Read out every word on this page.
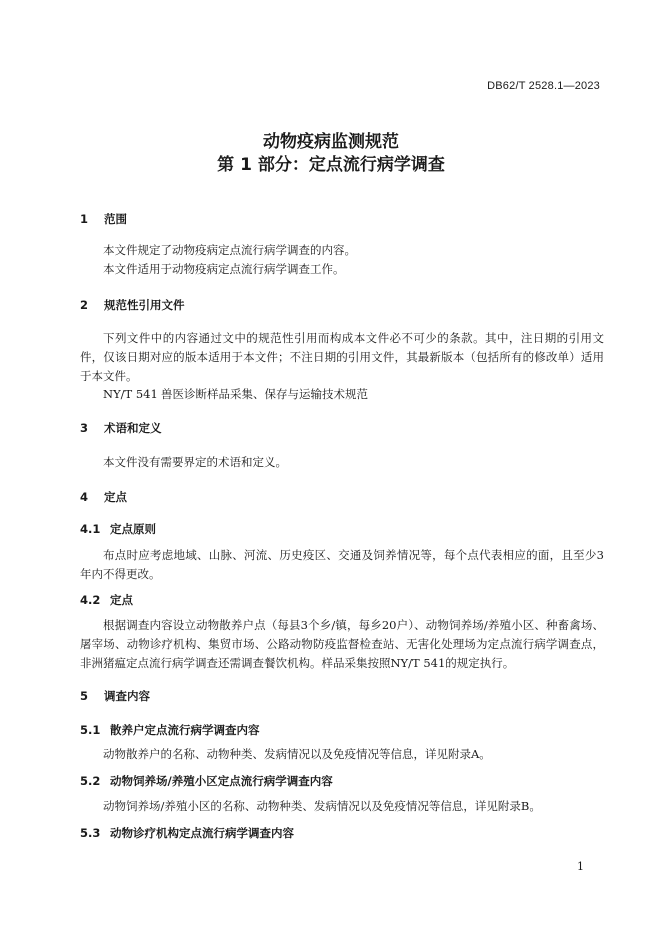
DB62/T 2528.1—2023
动物疫病监测规范
第 1 部分：定点流行病学调查
1 范围
本文件规定了动物疫病定点流行病学调查的内容。
本文件适用于动物疫病定点流行病学调查工作。
2 规范性引用文件
下列文件中的内容通过文中的规范性引用而构成本文件必不可少的条款。其中，注日期的引用文件，仅该日期对应的版本适用于本文件；不注日期的引用文件，其最新版本（包括所有的修改单）适用于本文件。
NY/T 541 兽医诊断样品采集、保存与运输技术规范
3 术语和定义
本文件没有需要界定的术语和定义。
4 定点
4.1 定点原则
布点时应考虑地域、山脉、河流、历史疫区、交通及饲养情况等，每个点代表相应的面，且至少3年内不得更改。
4.2 定点
根据调查内容设立动物散养户点（每县3个乡/镇，每乡20户）、动物饲养场/养殖小区、种畜禽场、屠宰场、动物诊疗机构、集贸市场、公路动物防疫监督检查站、无害化处理场为定点流行病学调查点，非洲猪瘟定点流行病学调查还需调查餐饮机构。样品采集按照NY/T 541的规定执行。
5 调查内容
5.1 散养户定点流行病学调查内容
动物散养户的名称、动物种类、发病情况以及免疫情况等信息，详见附录A。
5.2 动物饲养场/养殖小区定点流行病学调查内容
动物饲养场/养殖小区的名称、动物种类、发病情况以及免疫情况等信息，详见附录B。
5.3 动物诊疗机构定点流行病学调查内容
1
